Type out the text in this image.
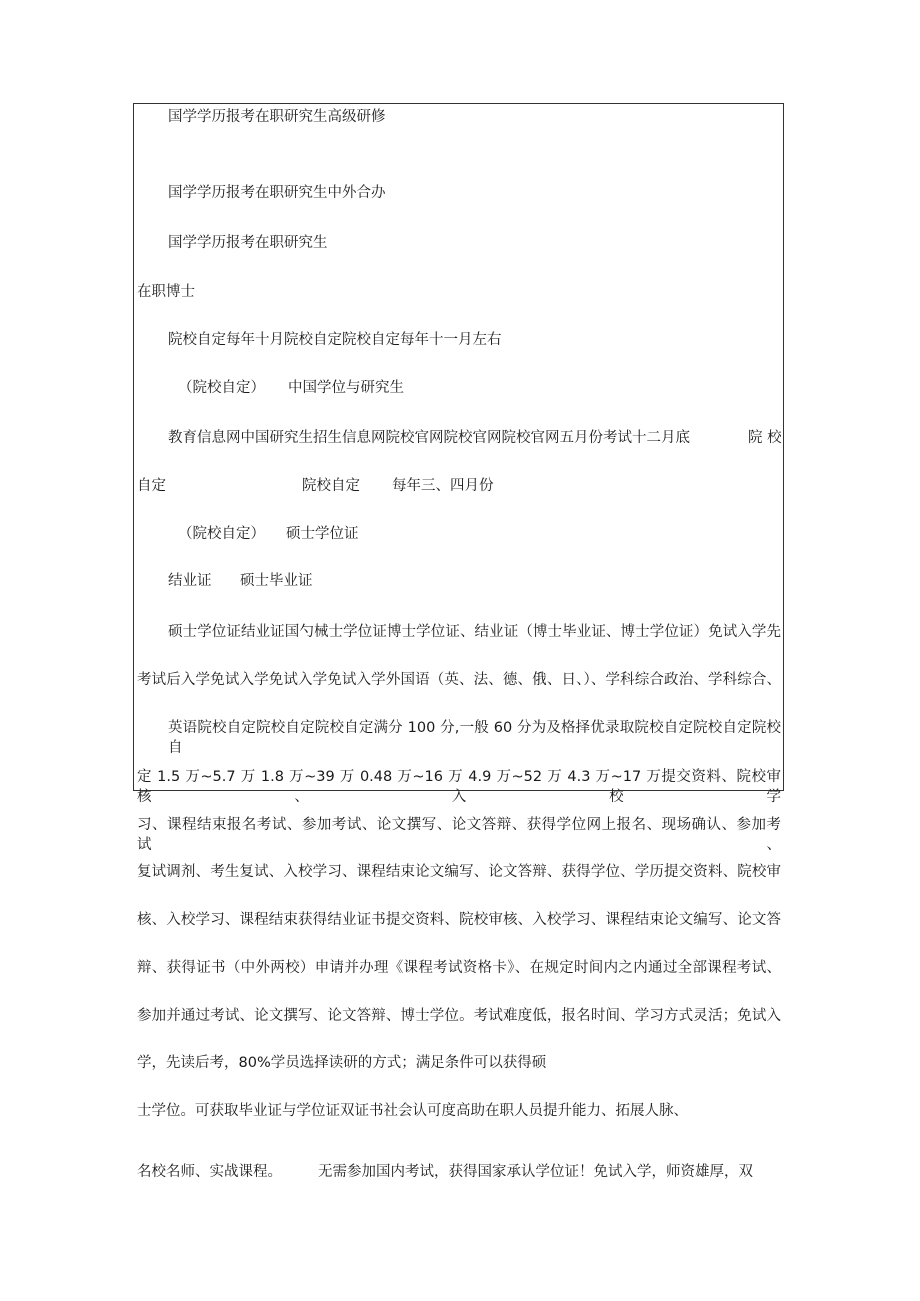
国学学历报考在职研究生高级研修
国学学历报考在职研究生中外合办
国学学历报考在职研究生
在职博士
院校自定每年十月院校自定院校自定每年十一月左右
（院校自定） 中国学位与研究生
教育信息网中国研究生招生信息网院校官网院校官网院校官网五月份考试十二月底	院 校
自定	院校自定 每年三、四月份
（院校自定） 硕士学位证
结业证 硕士毕业证
硕士学位证结业证国勺械士学位证博士学位证、结业证（博士毕业证、博士学位证）免试入学先
考试后入学免试入学免试入学免试入学外国语（英、法、德、俄、日、）、学科综合政治、学科综合、
英语院校自定院校自定院校自定满分 100 分,一般 60 分为及格择优录取院校自定院校自定院校自
定 1.5 万~5.7 万 1.8 万~39 万 0.48 万~16 万 4.9 万~52 万 4.3 万~17 万提交资料、院校审核、入校学
习、课程结束报名考试、参加考试、论文撰写、论文答辩、获得学位网上报名、现场确认、参加考试、
复试调剂、考生复试、入校学习、课程结束论文编写、论文答辩、获得学位、学历提交资料、院校审
核、入校学习、课程结束获得结业证书提交资料、院校审核、入校学习、课程结束论文编写、论文答
辩、获得证书（中外两校）申请并办理《课程考试资格卡》、在规定时间内之内通过全部课程考试、
参加并通过考试、论文撰写、论文答辩、博士学位。考试难度低，报名时间、学习方式灵活；免试入
学，先读后考，80%学员选择读研的方式；满足条件可以获得硕
士学位。可获取毕业证与学位证双证书社会认可度高助在职人员提升能力、拓展人脉、
名校名师、实战课程。 无需参加国内考试，获得国家承认学位证！免试入学，师资雄厚，双
